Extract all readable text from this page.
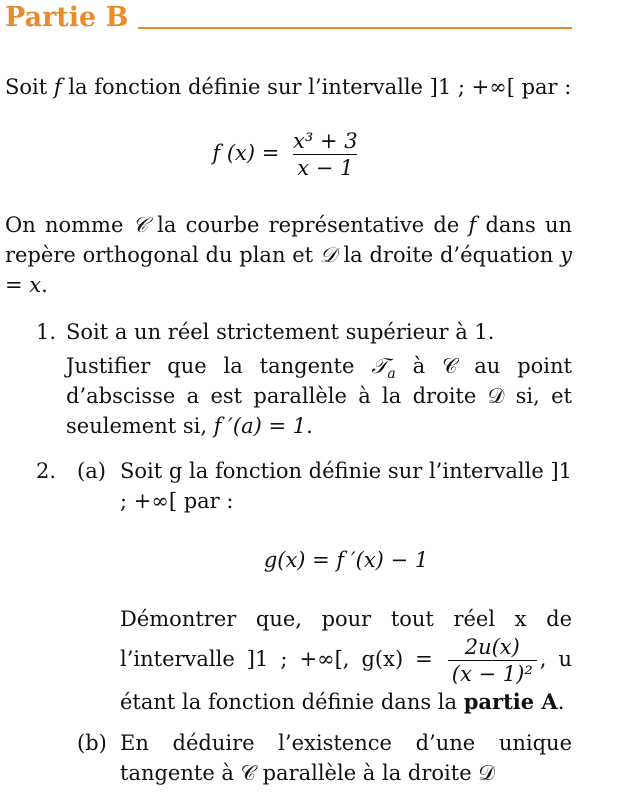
Partie B
Soit f la fonction définie sur l’intervalle ]1 ; +∞[ par :
f $(x) = \frac{\text{x³ + 3}}{x - 1}$
On nomme 𝒞 la courbe représentative de f dans un repère orthogonal du plan et 𝒟 la droite d’équation y = x.
1. Soit a un réel strictement supérieur à 1.
Justifier que la tangente 𝒯$_a$ à 𝒞 au point d’abscisse a est parallèle à la droite 𝒟 si, et seulement si, f ′(a) = 1.
2. (a) Soit g la fonction définie sur l’intervalle ]1 ; +∞[ par :
g(x) = f ′(x) − 1
Démontrer que, pour tout réel x de l’intervalle ]1 ; +∞[, $g(x) = \frac{2u(x)}{\text{(x − 1)²}}$ , u étant la fonction définie dans la partie A.
(b) En déduire l’existence d’une unique tangente à 𝒞 parallèle à la droite 𝒟
